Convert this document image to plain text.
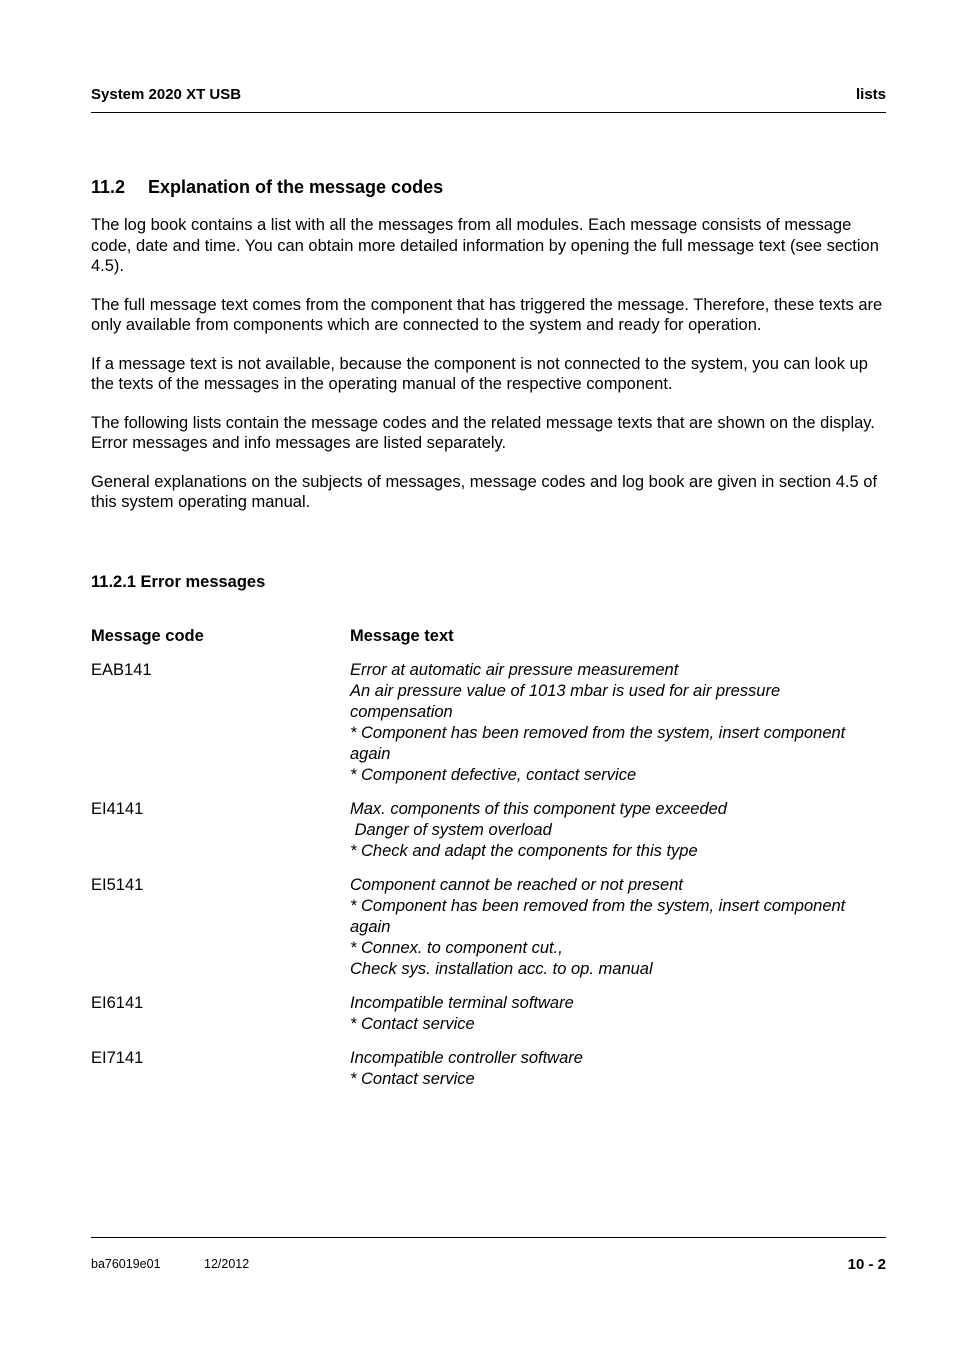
System 2020 XT USB	lists
11.2 Explanation of the message codes

The log book contains a list with all the messages from all modules. Each message consists of message code, date and time. You can obtain more detailed information by opening the full message text (see section 4.5).

The full message text comes from the component that has triggered the message. Therefore, these texts are only available from components which are connected to the system and ready for operation.

If a message text is not available, because the component is not connected to the system, you can look up the texts of the messages in the operating manual of the respective component.

The following lists contain the message codes and the related message texts that are shown on the display. Error messages and info messages are listed separately.

General explanations on the subjects of messages, message codes and log book are given in section 4.5 of this system operating manual.

11.2.1 Error messages
Message code	Message text
EAB141	Error at automatic air pressure measurement
An air pressure value of 1013 mbar is used for air pressure
compensation
* Component has been removed from the system, insert component
again
* Component defective, contact service
EI4141	Max. components of this component type exceeded
Danger of system overload
* Check and adapt the components for this type
EI5141	Component cannot be reached or not present
* Component has been removed from the system, insert component
again
* Connex. to component cut.,
Check sys. installation acc. to op. manual
EI6141	Incompatible terminal software
* Contact service
EI7141	Incompatible controller software
* Contact service
ba76019e01	12/2012	10 - 2
